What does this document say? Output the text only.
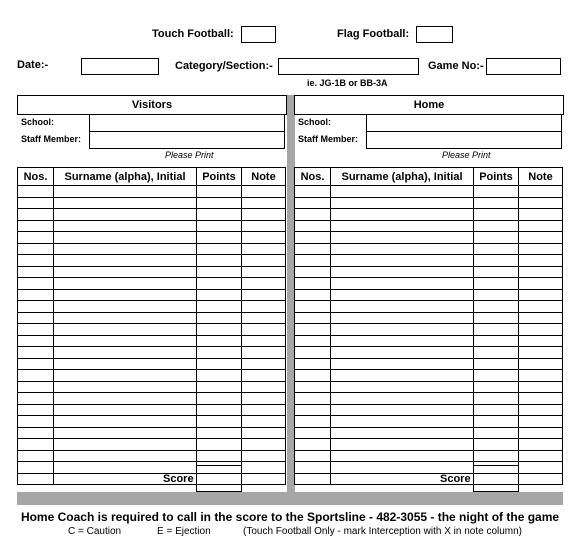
Touch Football:	Flag Football:
Date:-	Category/Section:-
ie. JG-1B or BB-3A
Game No:-
Visitors
School:
Staff Member:
Please Print
Nos.	Surname (alpha), Initial	Points	Note

Score
Home
School:
Staff Member:
Please Print
Nos.	Surname (alpha), Initial	Points	Note

Score
Home Coach is required to call in the score to the Sportsline - 482-3055 - the night of the game
C = Caution	E = Ejection	(Touch Football Only - mark Interception with X in note column)
